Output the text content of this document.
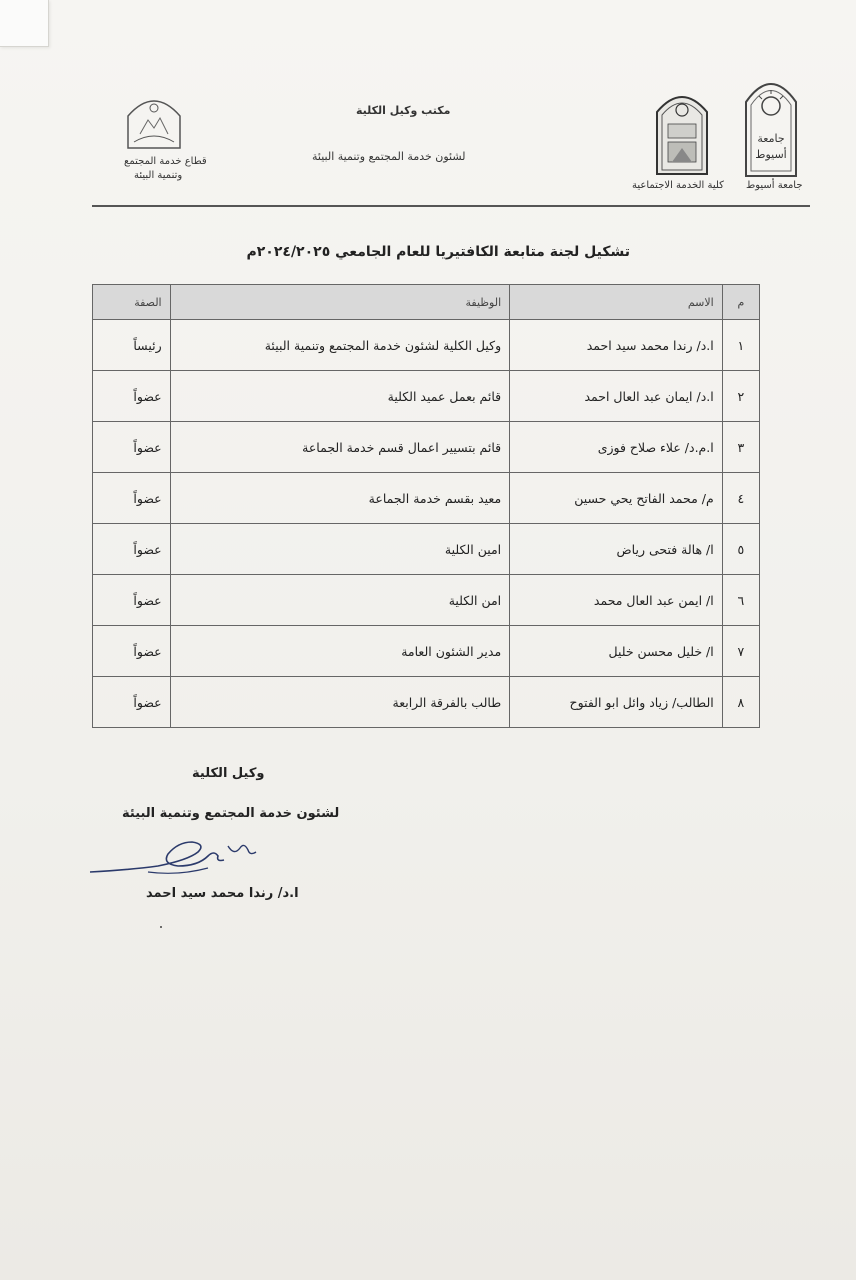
جامعة
أسيوط
جامعة أسيوط
كلية الخدمة الاجتماعية
مكتب وكيل الكلية
لشئون خدمة المجتمع وتنمية البيئة
قطاع خدمة المجتمع
وتنمية البيئة
تشكيل لجنة متابعة الكافتيريا للعام الجامعي ٢٠٢٤/٢٠٢٥م
م	الاسم	الوظيفة	الصفة
١	ا.د/ رندا محمد سيد احمد	وكيل الكلية لشئون خدمة المجتمع وتنمية البيئة	رئيساً
٢	ا.د/ ايمان عبد العال احمد	قائم بعمل عميد الكلية	عضواً
٣	ا.م.د/ علاء صلاح فوزى	قائم بتسيير اعمال قسم خدمة الجماعة	عضواً
٤	م/ محمد الفاتح يحي حسين	معيد بقسم خدمة الجماعة	عضواً
٥	ا/ هالة فتحى رياض	امين الكلية	عضواً
٦	ا/ ايمن عبد العال محمد	امن الكلية	عضواً
٧	ا/ خليل محسن خليل	مدير الشئون العامة	عضواً
٨	الطالب/ زياد وائل ابو الفتوح	طالب بالفرقة الرابعة	عضواً
وكيل الكلية
لشئون خدمة المجتمع وتنمية البيئة
ا.د/ رندا محمد سيد احمد
